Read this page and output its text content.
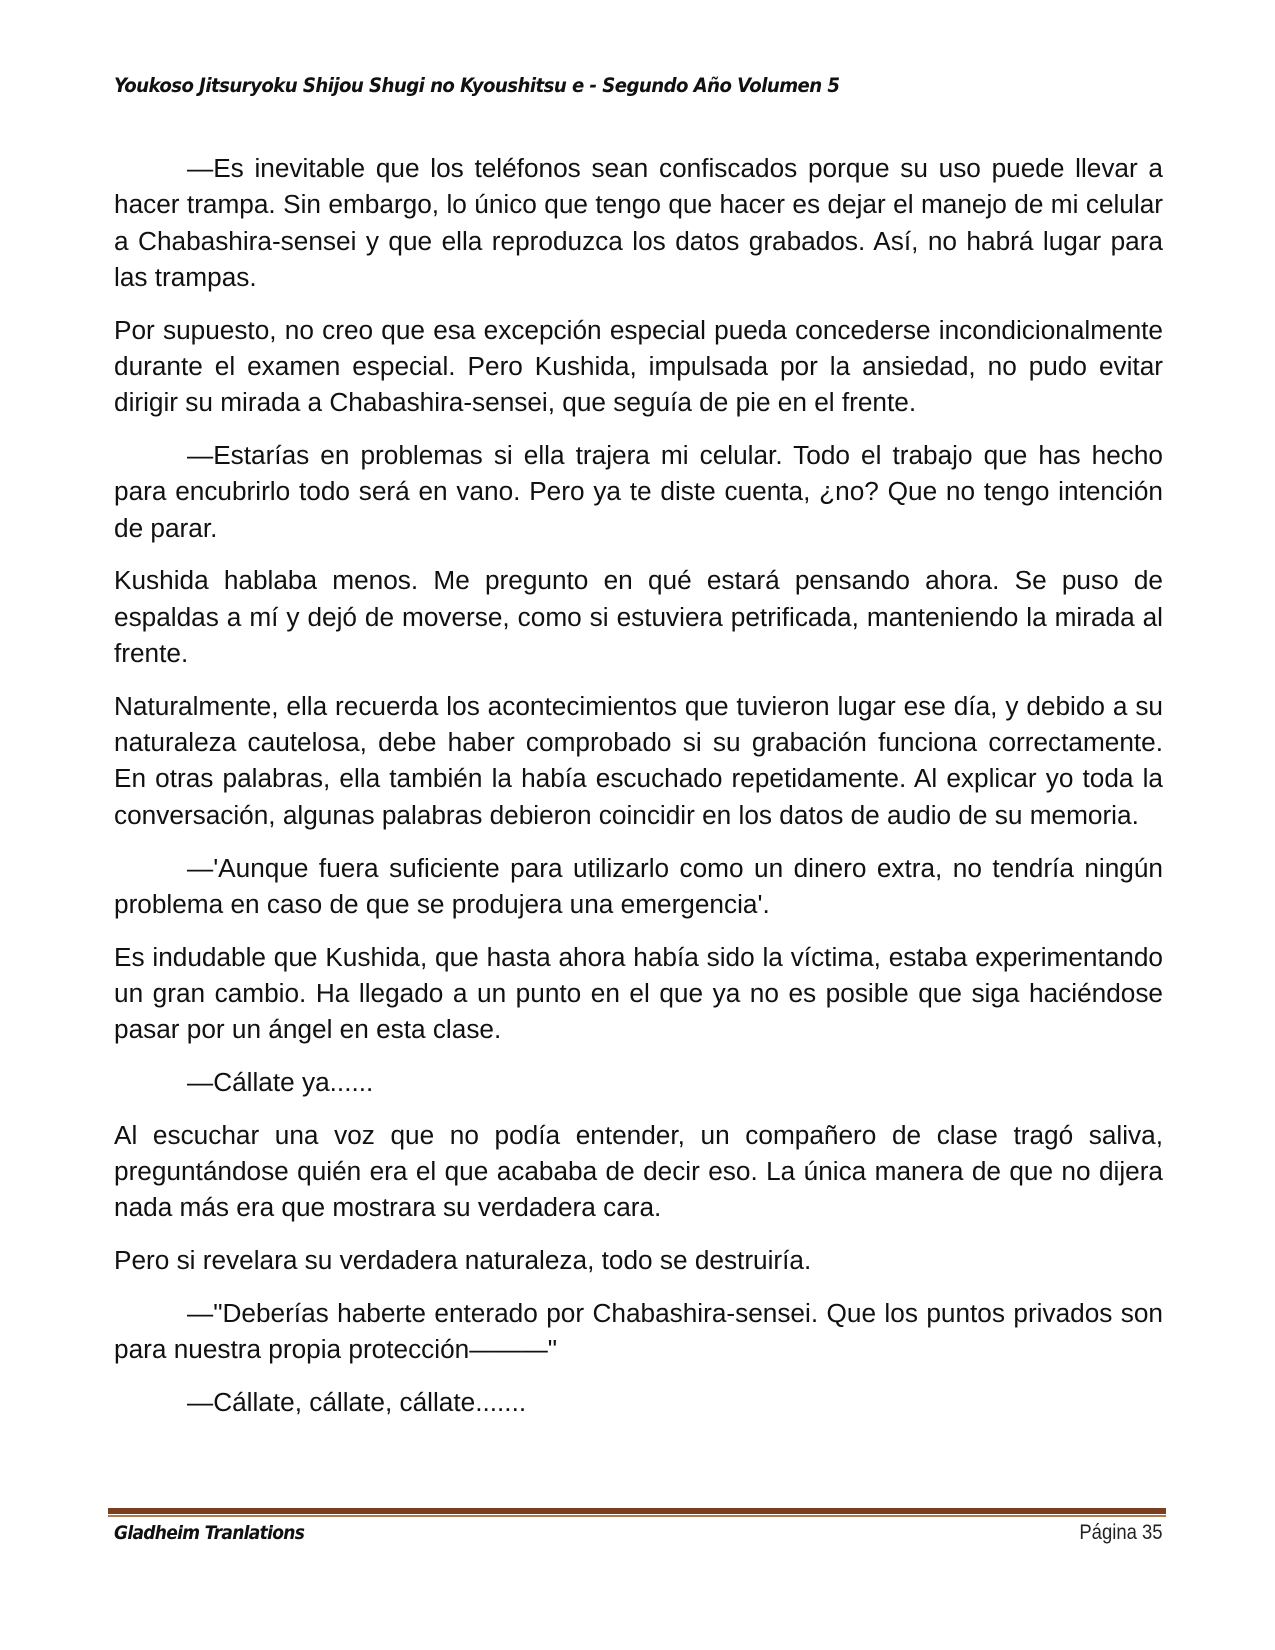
Youkoso Jitsuryoku Shijou Shugi no Kyoushitsu e - Segundo Año Volumen 5

—Es inevitable que los teléfonos sean confiscados porque su uso puede llevar a hacer trampa. Sin embargo, lo único que tengo que hacer es dejar el manejo de mi celular a Chabashira-sensei y que ella reproduzca los datos grabados. Así, no habrá lugar para las trampas.

Por supuesto, no creo que esa excepción especial pueda concederse incondicionalmente durante el examen especial. Pero Kushida, impulsada por la ansiedad, no pudo evitar dirigir su mirada a Chabashira-sensei, que seguía de pie en el frente.

—Estarías en problemas si ella trajera mi celular. Todo el trabajo que has hecho para encubrirlo todo será en vano. Pero ya te diste cuenta, ¿no? Que no tengo intención de parar.

Kushida hablaba menos. Me pregunto en qué estará pensando ahora. Se puso de espaldas a mí y dejó de moverse, como si estuviera petrificada, manteniendo la mirada al frente.

Naturalmente, ella recuerda los acontecimientos que tuvieron lugar ese día, y debido a su naturaleza cautelosa, debe haber comprobado si su grabación funciona correctamente. En otras palabras, ella también la había escuchado repetidamente. Al explicar yo toda la conversación, algunas palabras debieron coincidir en los datos de audio de su memoria.

—'Aunque fuera suficiente para utilizarlo como un dinero extra, no tendría ningún problema en caso de que se produjera una emergencia'.

Es indudable que Kushida, que hasta ahora había sido la víctima, estaba experimentando un gran cambio. Ha llegado a un punto en el que ya no es posible que siga haciéndose pasar por un ángel en esta clase.

—Cállate ya......

Al escuchar una voz que no podía entender, un compañero de clase tragó saliva, preguntándose quién era el que acababa de decir eso. La única manera de que no dijera nada más era que mostrara su verdadera cara.

Pero si revelara su verdadera naturaleza, todo se destruiría.

—"Deberías haberte enterado por Chabashira-sensei. Que los puntos privados son para nuestra propia protección———"

—Cállate, cállate, cállate.......

Gladheim Tranlations	Página 35
